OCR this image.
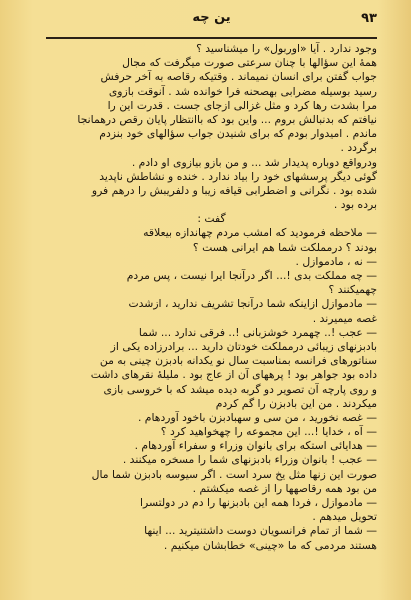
ین چه	۹۳
وجود ندارد . آیا «اوربول» را میشناسید ؟
همهٔ این سؤالها با چنان سرعتی صورت میگرفت که مجال
جواب گفتن برای انسان نمیماند . وقتیکه رقاصه به آخر حرفش
رسید بوسیله مضرابی بهصحنه فرا خوانده شد . آنوقت بازوی
مرا بشدت رها کرد و مثل غزالی ازجای جست . قدرت این را
نیافتم که بدنبالش بروم ... واین بود که باانتظار پایان رقص درهمانجا
ماندم . امیدوار بودم که برای شنیدن جواب سؤالهای خود بنزدم
برگردد .
ودرواقع دوباره پدیدار شد ... و من بازو بیازوی او دادم .
گوئی دیگر پرسشهای خود را بیاد ندارد . خنده و نشاطش ناپدید
شده بود . نگرانی و اضطرابی قیافه زیبا و دلفریبش را درهم فرو
برده بود .
گفت :
— ملاحظه فرمودید که امشب مردم چهاندازه بیعلاقه
بودند ؟ درمملکت شما هم ایرانی هست ؟
— نه ، مادموازل .
— چه مملکت بدی !... اگر درآنجا ایرا نیست ، پس مردم
چهمیکنند ؟
— مادموازل ازاینکه شما درآنجا تشریف ندارید ، ازشدت
غصه میمیرند .
— عجب !.. چهمرد خوشزبانی !.. فرقی ندارد ... شما
بادبزنهای زیبائی درمملکت خودتان دارید ... برادرزاده یکی از
سناتورهای فرانسه بمناسبت سال نو یکدانه بادبزن چینی به من
داده بود جواهر بود ! پرههای آن از عاج بود . ملیلهٔ نقرهای داشت
و روی پارچه آن تصویر دو گربه دیده میشد که با خروسی بازی
میکردند . من این بادبزن را گم کردم
— غصه نخورید ، من سی و سهبادبزن باخود آوردهام .
— آه ، خدایا !... این مجموعه را چهخواهید کرد ؟
— هدایائی استکه برای بانوان وزراء و سفراء آوردهام .
— عجب ! بانوان وزراء بادبزنهای شما را مسخره میکنند .
صورت این زنها مثل یخ سرد است . اگر سیوسه بادبزن شما مال
من بود همه رقاصهها را از غصه میکشتم .
— مادموازل ، فردا همه این بادبزنها را دم در دولتسرا
تحویل میدهم .
— شما از تمام فرانسویان دوست داشتنیترید ... اینها
هستند مردمی که ما «چینی» خطابشان میکنیم .
